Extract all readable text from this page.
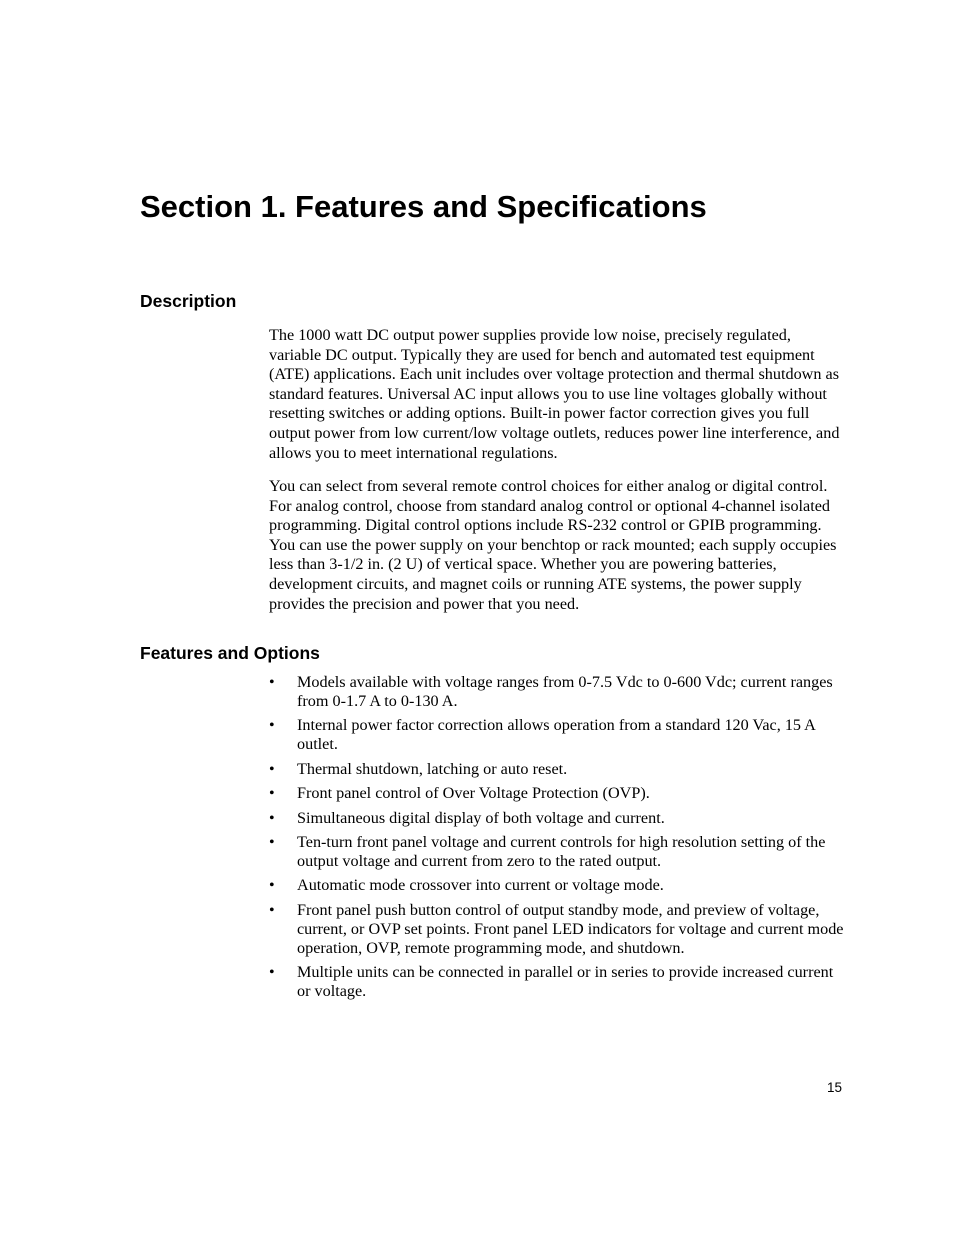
Section 1. Features and Specifications
Description

The 1000 watt DC output power supplies provide low noise, precisely regulated, variable DC output. Typically they are used for bench and automated test equipment (ATE) applications. Each unit includes over voltage protection and thermal shutdown as standard features. Universal AC input allows you to use line voltages globally without resetting switches or adding options. Built-in power factor correction gives you full output power from low current/low voltage outlets, reduces power line interference, and allows you to meet international regulations.

You can select from several remote control choices for either analog or digital control. For analog control, choose from standard analog control or optional 4-channel isolated programming. Digital control options include RS-232 control or GPIB programming. You can use the power supply on your benchtop or rack mounted; each supply occupies less than 3-1/2 in. (2 U) of vertical space. Whether you are powering batteries, development circuits, and magnet coils or running ATE systems, the power supply provides the precision and power that you need.

Features and Options
• Models available with voltage ranges from 0-7.5 Vdc to 0-600 Vdc; current ranges from 0-1.7 A to 0-130 A.
• Internal power factor correction allows operation from a standard 120 Vac, 15 A outlet.
• Thermal shutdown, latching or auto reset.
• Front panel control of Over Voltage Protection (OVP).
• Simultaneous digital display of both voltage and current.
• Ten-turn front panel voltage and current controls for high resolution setting of the output voltage and current from zero to the rated output.
• Automatic mode crossover into current or voltage mode.
• Front panel push button control of output standby mode, and preview of voltage, current, or OVP set points. Front panel LED indicators for voltage and current mode operation, OVP, remote programming mode, and shutdown.
• Multiple units can be connected in parallel or in series to provide increased current or voltage.
15
